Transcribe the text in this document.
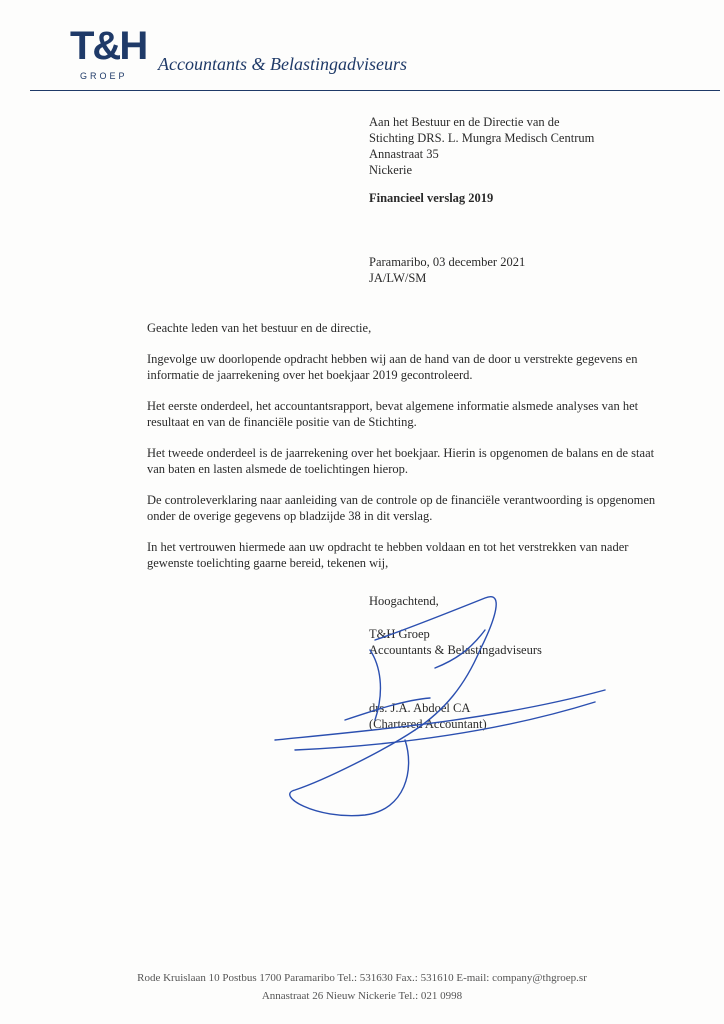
T&H
GROEP
Accountants & Belastingadviseurs
Aan het Bestuur en de Directie van de
Stichting DRS. L. Mungra Medisch Centrum
Annastraat 35
Nickerie
Financieel verslag 2019
Paramaribo, 03 december 2021
JA/LW/SM

Geachte leden van het bestuur en de directie,

Ingevolge uw doorlopende opdracht hebben wij aan de hand van de door u verstrekte gegevens en informatie de jaarrekening over het boekjaar 2019 gecontroleerd.

Het eerste onderdeel, het accountantsrapport, bevat algemene informatie alsmede analyses van het resultaat en van de financiële positie van de Stichting.

Het tweede onderdeel is de jaarrekening over het boekjaar. Hierin is opgenomen de balans en de staat van baten en lasten alsmede de toelichtingen hierop.

De controleverklaring naar aanleiding van de controle op de financiële verantwoording is opgenomen onder de overige gegevens op bladzijde 38 in dit verslag.

In het vertrouwen hiermede aan uw opdracht te hebben voldaan en tot het verstrekken van nader gewenste toelichting gaarne bereid, tekenen wij,

Hoogachtend,

T&H Groep

Accountants & Belastingadviseurs

drs. J.A. Abdoel CA

(Chartered Accountant)

Rode Kruislaan 10 Postbus 1700 Paramaribo Tel.: 531630 Fax.: 531610 E-mail: company@thgroep.sr
Annastraat 26 Nieuw Nickerie Tel.: 021 0998
